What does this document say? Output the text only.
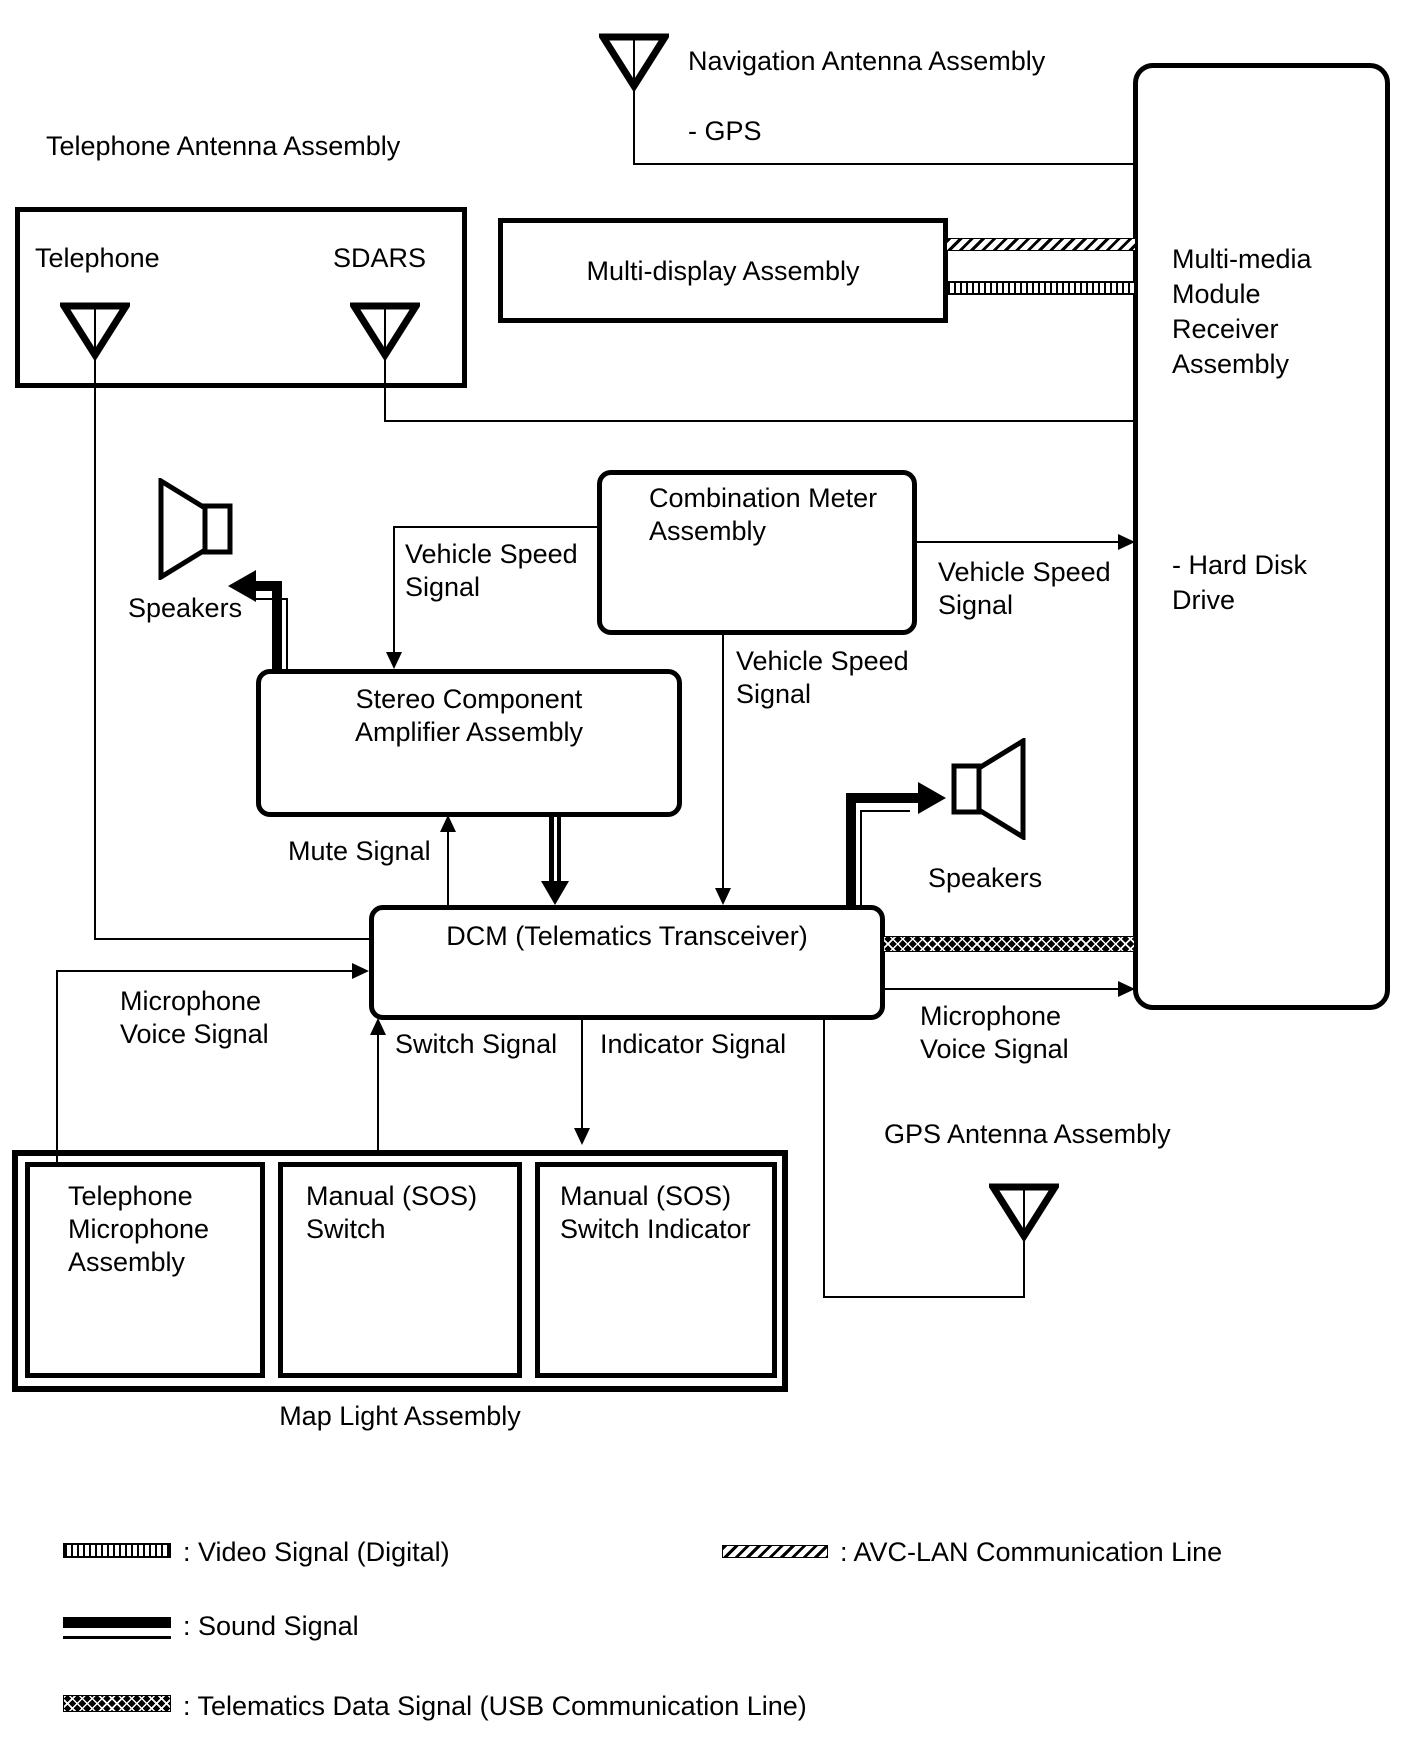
Telephone Antenna Assembly
Telephone	SDARS
Navigation Antenna Assembly
- GPS
Multi-display Assembly	Multi-media
Module
Receiver
Assembly
- Hard Disk
Drive
Combination Meter
Assembly
Stereo Component
Amplifier Assembly
DCM (Telematics Transceiver)
Speakers
Speakers
GPS Antenna Assembly
Telephone
Microphone
Assembly
Manual (SOS)
Switch
Manual (SOS)
Switch Indicator
Map Light Assembly
Vehicle Speed
Signal
Vehicle Speed
Signal
Vehicle Speed
Signal
Mute Signal
Switch Signal Indicator Signal
Microphone
Voice Signal
Microphone
Voice Signal
: Video Signal (Digital)	: AVC-LAN Communication Line
: Sound Signal
: Telematics Data Signal (USB Communication Line)
